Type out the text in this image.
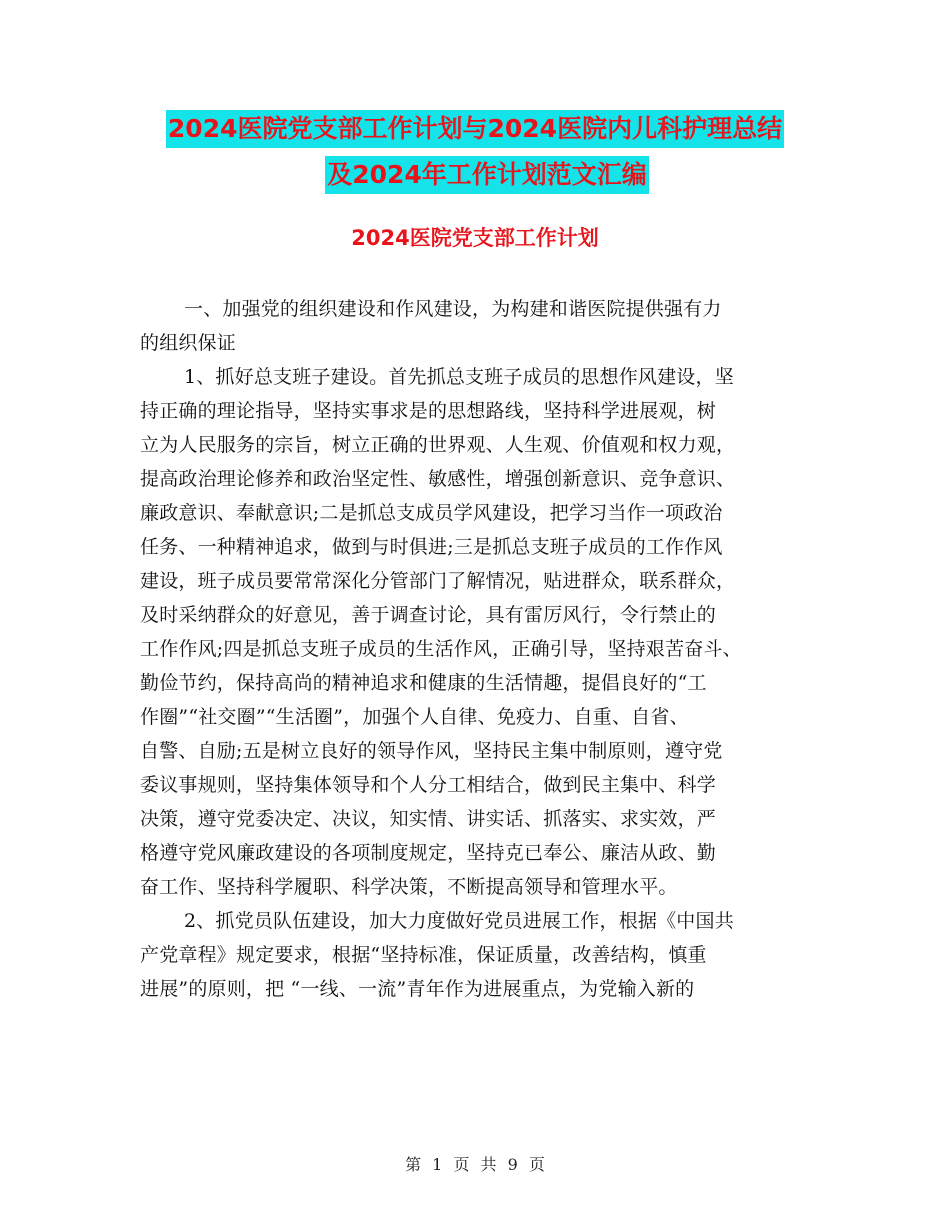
2024医院党支部工作计划与2024医院内儿科护理总结
及2024年工作计划范文汇编
2024医院党支部工作计划

一、加强党的组织建设和作风建设，为构建和谐医院提供强有力
的组织保证

1、抓好总支班子建设。首先抓总支班子成员的思想作风建设，坚
持正确的理论指导，坚持实事求是的思想路线，坚持科学进展观，树
立为人民服务的宗旨，树立正确的世界观、人生观、价值观和权力观，
提高政治理论修养和政治坚定性、敏感性，增强创新意识、竞争意识、
廉政意识、奉献意识;二是抓总支成员学风建设，把学习当作一项政治
任务、一种精神追求，做到与时俱进;三是抓总支班子成员的工作作风
建设，班子成员要常常深化分管部门了解情况，贴进群众，联系群众，
及时采纳群众的好意见，善于调查讨论，具有雷厉风行，令行禁止的
工作作风;四是抓总支班子成员的生活作风，正确引导，坚持艰苦奋斗、
勤俭节约，保持高尚的精神追求和健康的生活情趣，提倡良好的“工
作圈”“社交圈”“生活圈”，加强个人自律、免疫力、自重、自省、
自警、自励;五是树立良好的领导作风，坚持民主集中制原则，遵守党
委议事规则，坚持集体领导和个人分工相结合，做到民主集中、科学
决策，遵守党委决定、决议，知实情、讲实话、抓落实、求实效，严
格遵守党风廉政建设的各项制度规定，坚持克已奉公、廉洁从政、勤
奋工作、坚持科学履职、科学决策，不断提高领导和管理水平。

2、抓党员队伍建设，加大力度做好党员进展工作，根据《中国共
产党章程》规定要求，根据“坚持标准，保证质量，改善结构，慎重
进展”的原则，把 “一线、一流”青年作为进展重点，为党输入新的

第 1 页 共 9 页
